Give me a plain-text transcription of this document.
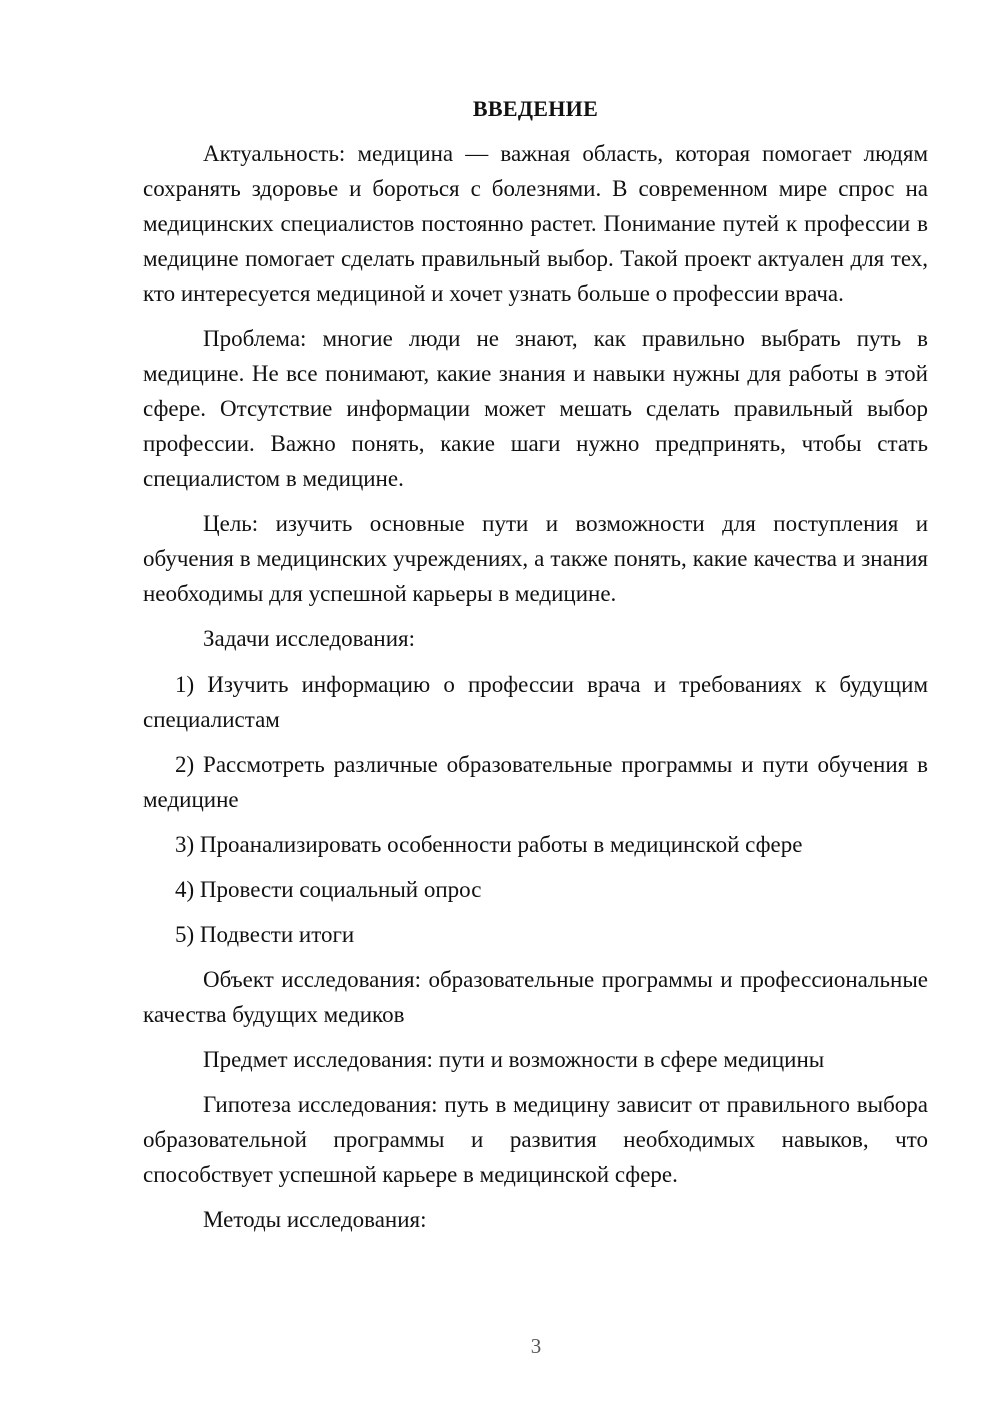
ВВЕДЕНИЕ

Актуальность: медицина — важная область, которая помогает людям сохранять здоровье и бороться с болезнями. В современном мире спрос на медицинских специалистов постоянно растет. Понимание путей к профессии в медицине помогает сделать правильный выбор. Такой проект актуален для тех, кто интересуется медициной и хочет узнать больше о профессии врача.

Проблема: многие люди не знают, как правильно выбрать путь в медицине. Не все понимают, какие знания и навыки нужны для работы в этой сфере. Отсутствие информации может мешать сделать правильный выбор профессии. Важно понять, какие шаги нужно предпринять, чтобы стать специалистом в медицине.

Цель: изучить основные пути и возможности для поступления и обучения в медицинских учреждениях, а также понять, какие качества и знания необходимы для успешной карьеры в медицине.

Задачи исследования:

1) Изучить информацию о профессии врача и требованиях к будущим специалистам

2) Рассмотреть различные образовательные программы и пути обучения в медицине

3) Проанализировать особенности работы в медицинской сфере

4) Провести социальный опрос

5) Подвести итоги

Объект исследования: образовательные программы и профессиональные качества будущих медиков

Предмет исследования: пути и возможности в сфере медицины

Гипотеза исследования: путь в медицину зависит от правильного выбора образовательной программы и развития необходимых навыков, что способствует успешной карьере в медицинской сфере.

Методы исследования:

3
